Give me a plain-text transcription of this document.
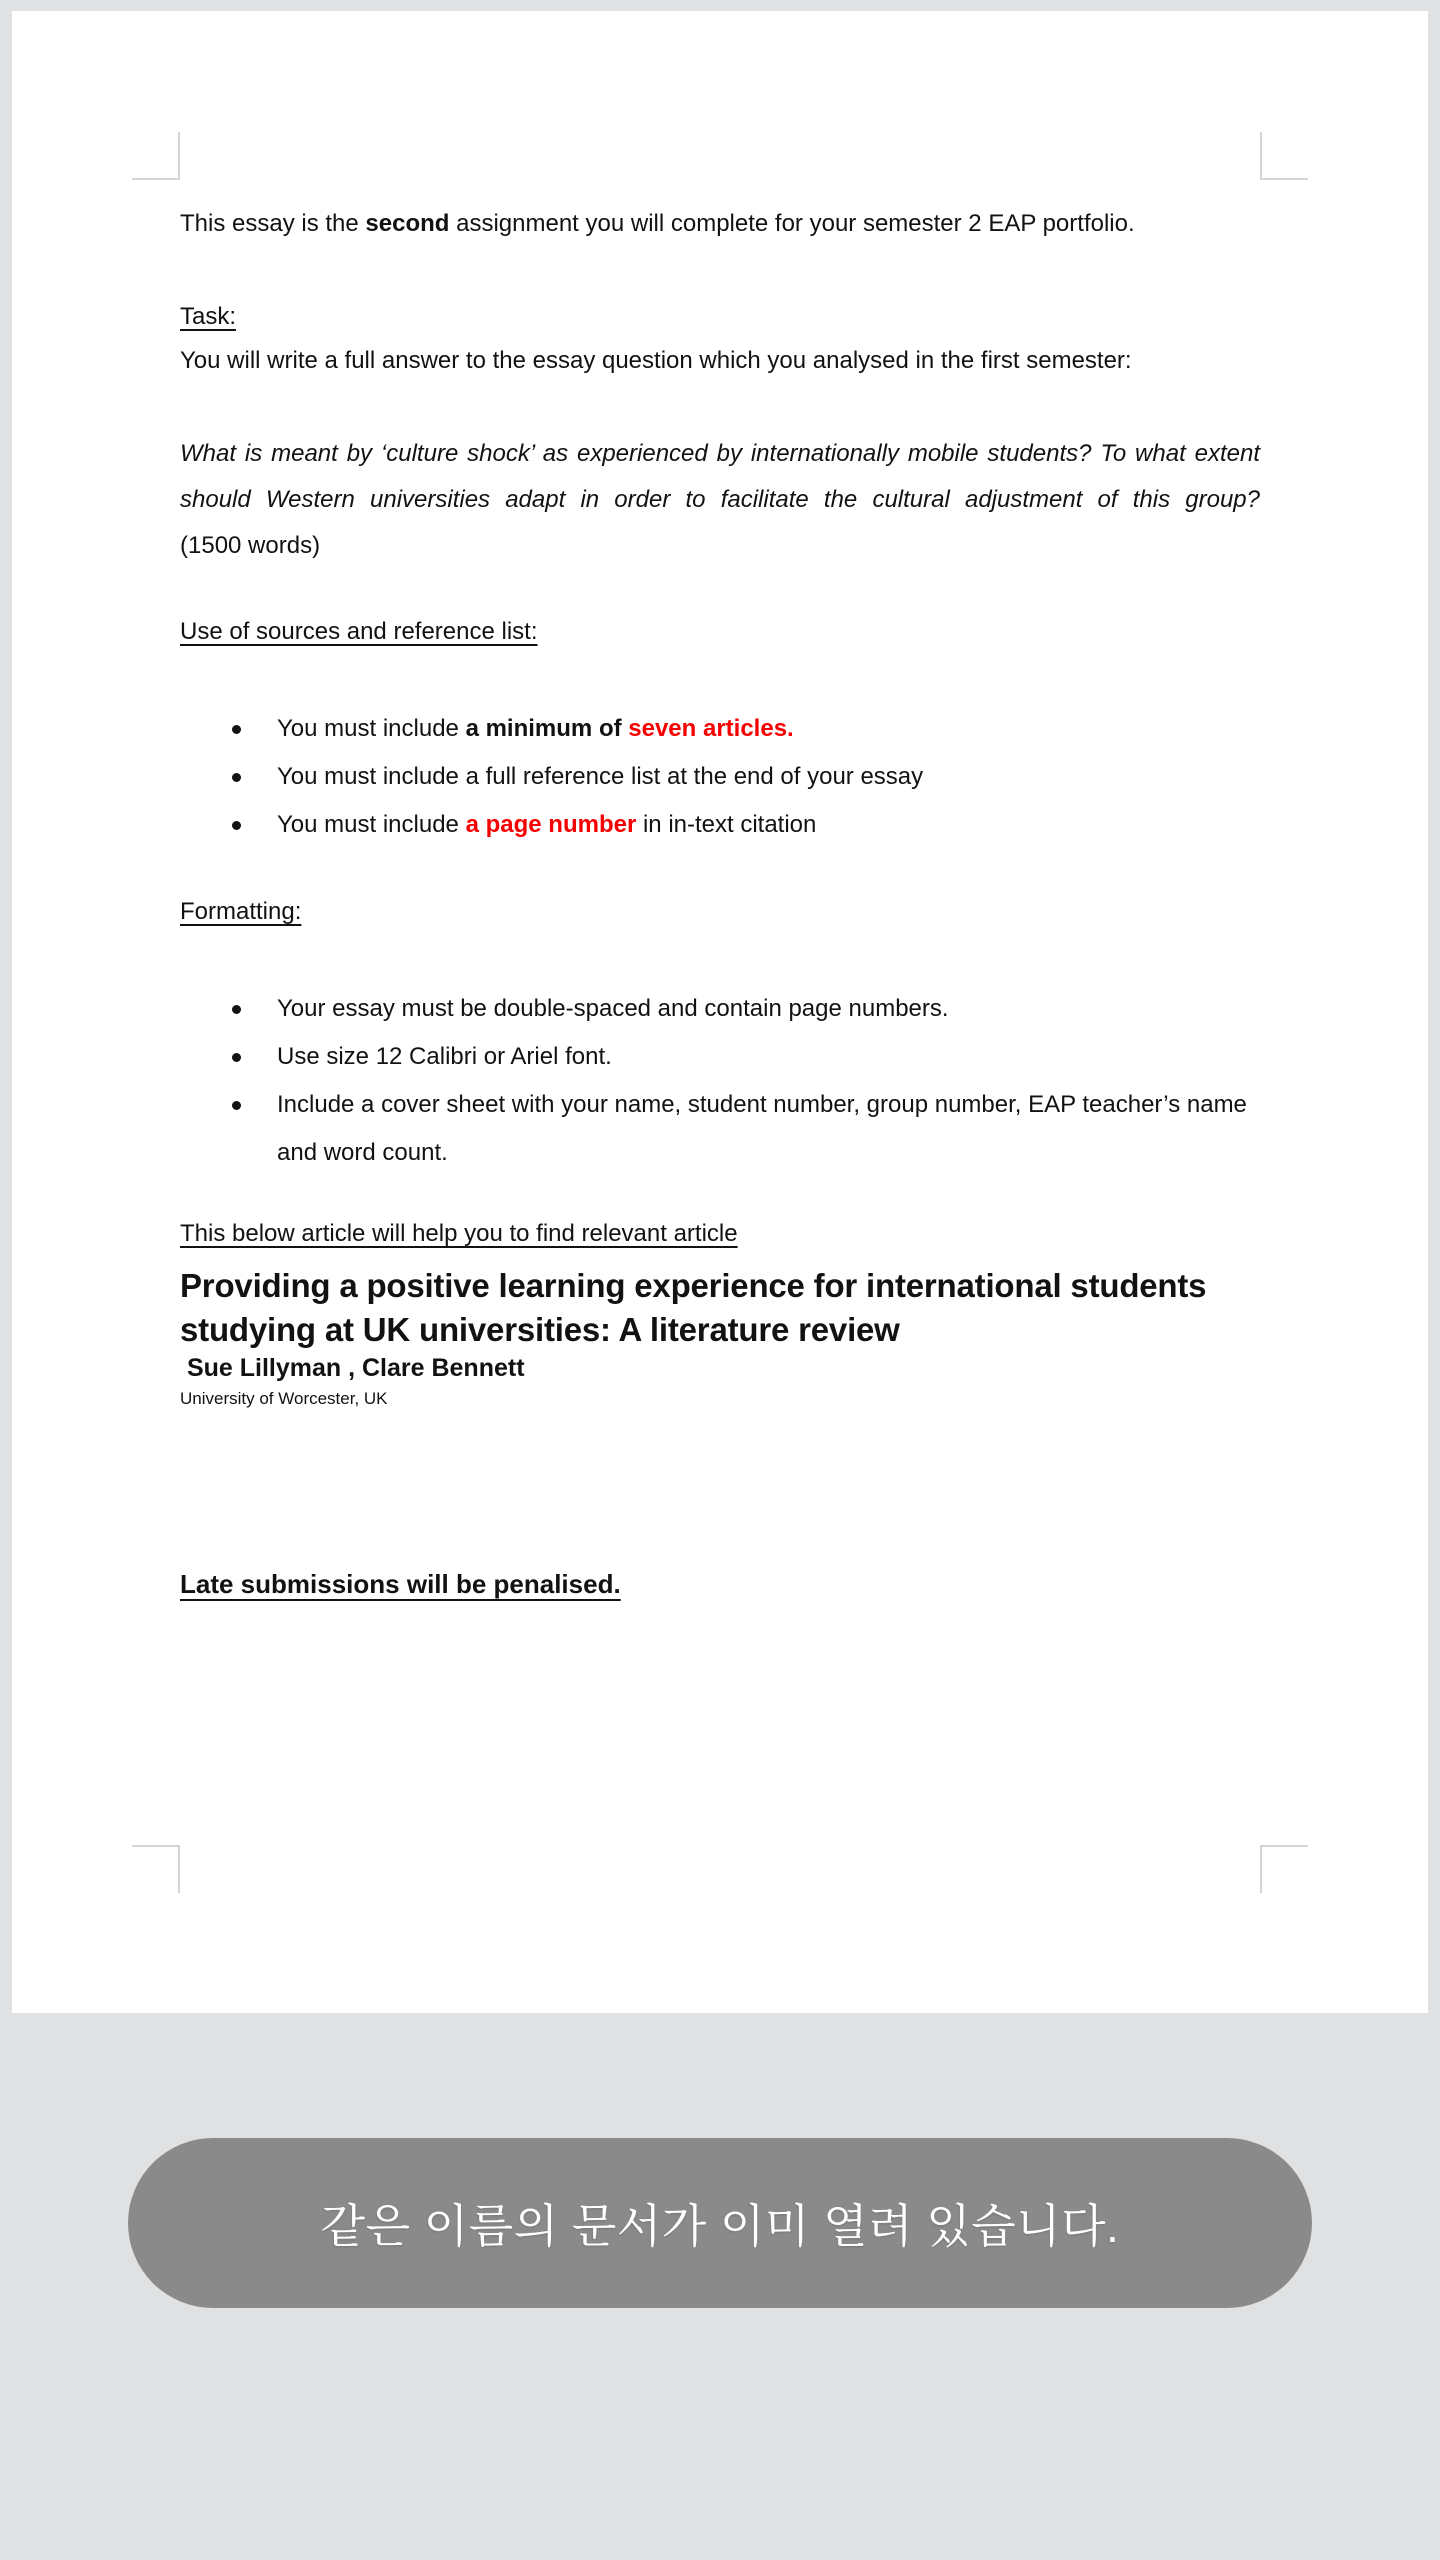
This essay is the second assignment you will complete for your semester 2 EAP portfolio.

Task:

You will write a full answer to the essay question which you analysed in the first semester:

What is meant by ‘culture shock’ as experienced by internationally mobile students? To what extent should Western universities adapt in order to facilitate the cultural adjustment of this group? (1500 words)

Use of sources and reference list:

You must include a minimum of seven articles.
You must include a full reference list at the end of your essay
You must include a page number in in-text citation

Formatting:

Your essay must be double-spaced and contain page numbers.
Use size 12 Calibri or Ariel font.
Include a cover sheet with your name, student number, group number, EAP teacher’s name and word count.

This below article will help you to find relevant article

Providing a positive learning experience for international students studying at UK universities: A literature review

Sue Lillyman , Clare Bennett

University of Worcester, UK

Late submissions will be penalised.

같은 이름의 문서가 이미 열려 있습니다.
